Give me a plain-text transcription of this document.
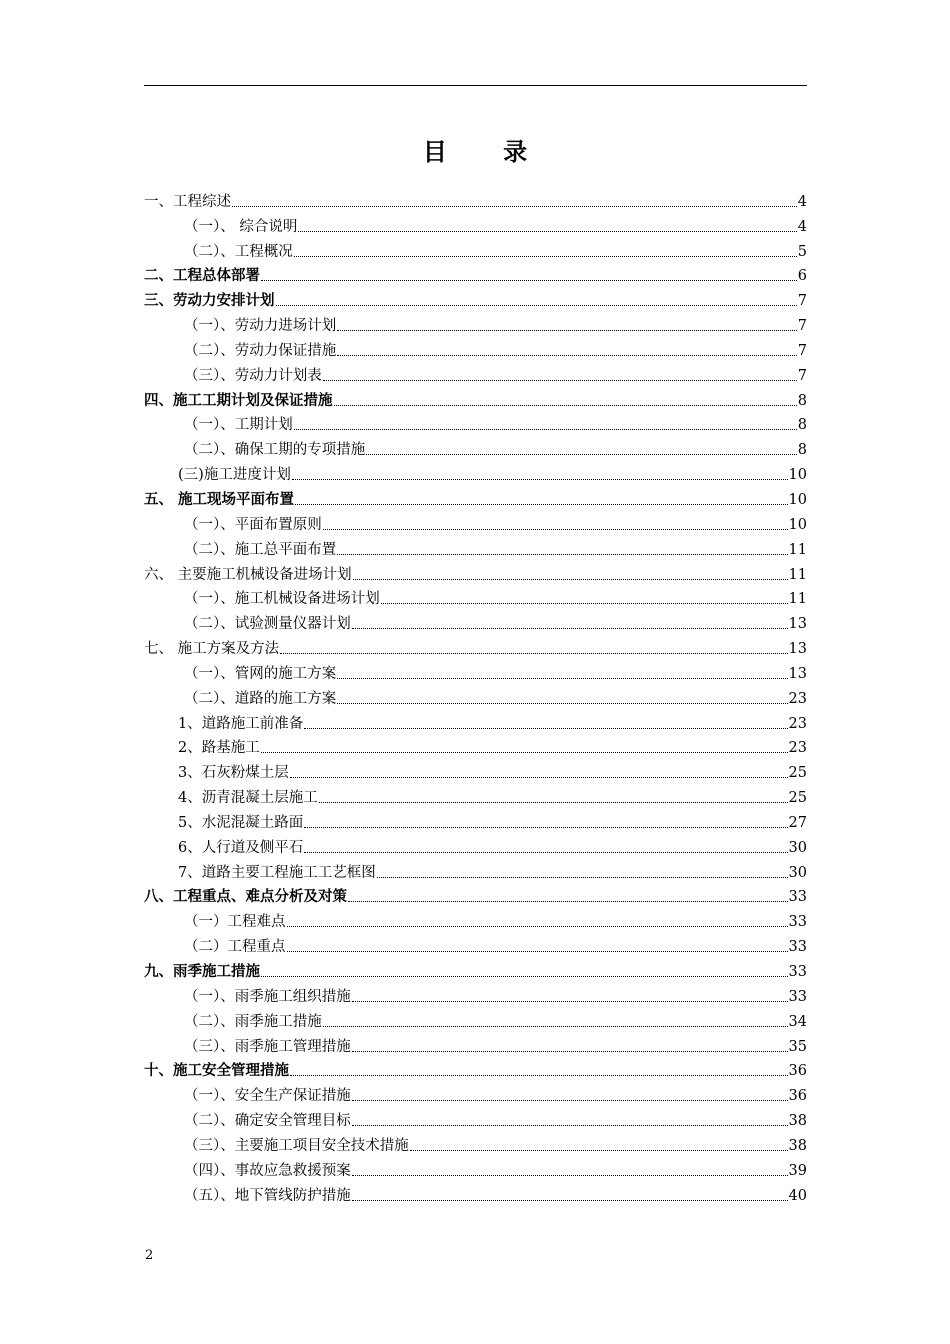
目 录
一、工程综述	4
（一）、 综合说明	4
（二）、工程概况	5
二、工程总体部署	6
三、劳动力安排计划	7
（一）、劳动力进场计划	7
（二）、劳动力保证措施	7
（三）、劳动力计划表	7
四、施工工期计划及保证措施	8
（一）、工期计划	8
（二）、确保工期的专项措施	8
(三)施工进度计划	10
五、 施工现场平面布置	10
（一）、平面布置原则	10
（二）、施工总平面布置	11
六、 主要施工机械设备进场计划	11
（一）、施工机械设备进场计划	11
（二）、试验测量仪器计划	13
七、 施工方案及方法	13
（一）、管网的施工方案	13
（二）、道路的施工方案	23
1、道路施工前准备	23
2、路基施工	23
3、石灰粉煤土层	25
4、沥青混凝土层施工	25
5、水泥混凝土路面	27
6、人行道及侧平石	30
7、道路主要工程施工工艺框图	30
八、工程重点、难点分析及对策	33
（一）工程难点	33
（二）工程重点	33
九、雨季施工措施	33
（一）、雨季施工组织措施	33
（二）、雨季施工措施	34
（三）、雨季施工管理措施	35
十、施工安全管理措施	36
（一）、安全生产保证措施	36
（二）、确定安全管理目标	38
（三）、主要施工项目安全技术措施	38
（四）、事故应急救援预案	39
（五）、地下管线防护措施	40
2
